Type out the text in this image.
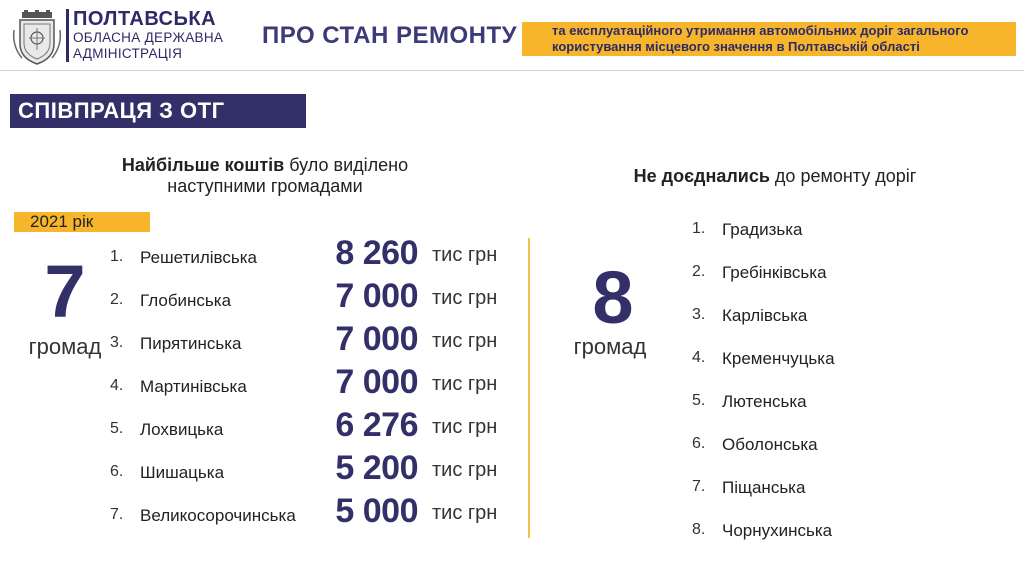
ПОЛТАВСЬКА
ОБЛАСНА ДЕРЖАВНА
АДМІНІСТРАЦІЯ
ПРО СТАН РЕМОНТУ	та експлуатаційного утримання автомобільних доріг загального
користування місцевого значення в Полтавській області
СПІВПРАЦЯ З ОТГ
Найбільше коштів було виділено
наступними громадами
2021 рік
7
громад
1. Решетилівська	8 260 тис грн
2. Глобинська	7 000 тис грн
3. Пирятинська	7 000 тис грн
4. Мартинівська	7 000 тис грн
5. Лохвицька	6 276 тис грн
6. Шишацька	5 200 тис грн
7. Великосорочинська	5 000 тис грн
Не доєднались до ремонту доріг
8
громад
1. Градизька
2. Гребінківська
3. Карлівська
4. Кременчуцька
5. Лютенська
6. Оболонська
7. Піщанська
8. Чорнухинська
